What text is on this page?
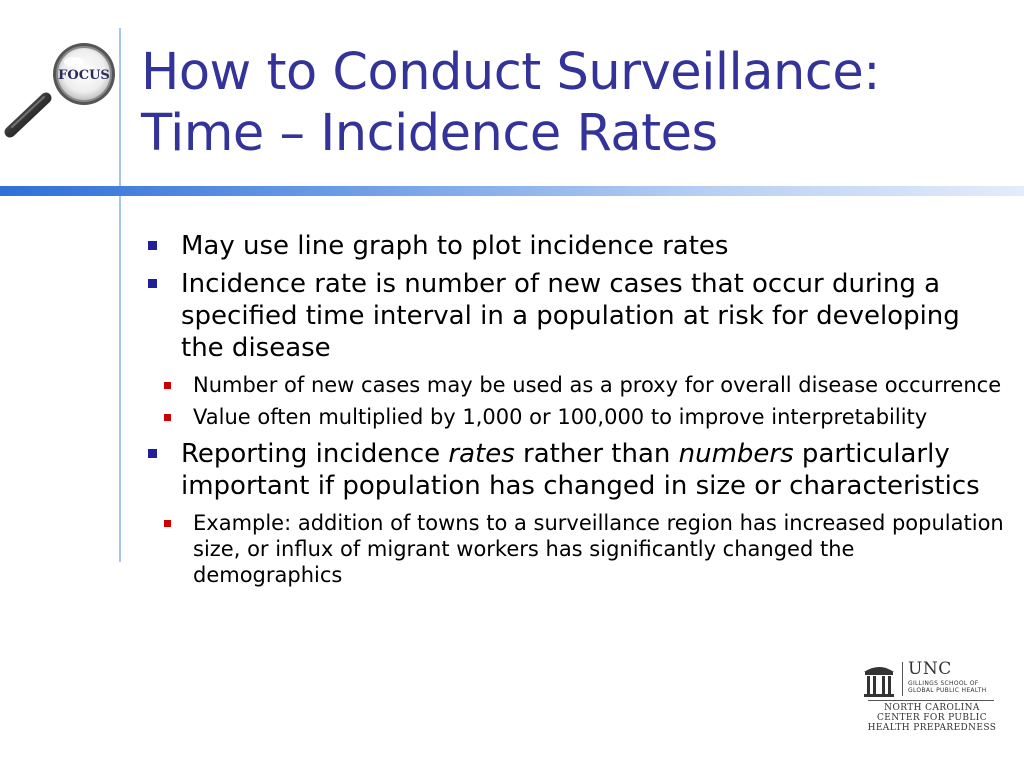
FOCUS How to Conduct Surveillance:
Time – Incidence Rates
May use line graph to plot incidence rates
Incidence rate is number of new cases that occur during a specified time interval in a population at risk for developing the disease
Number of new cases may be used as a proxy for overall disease occurrence
Value often multiplied by 1,000 or 100,000 to improve interpretability
Reporting incidence rates rather than numbers particularly important if population has changed in size or characteristics
Example: addition of towns to a surveillance region has increased population size, or influx of migrant workers has significantly changed the demographics
UNC
GILLINGS SCHOOL OF
GLOBAL PUBLIC HEALTH
NORTH CAROLINA
CENTER FOR PUBLIC
HEALTH PREPAREDNESS
